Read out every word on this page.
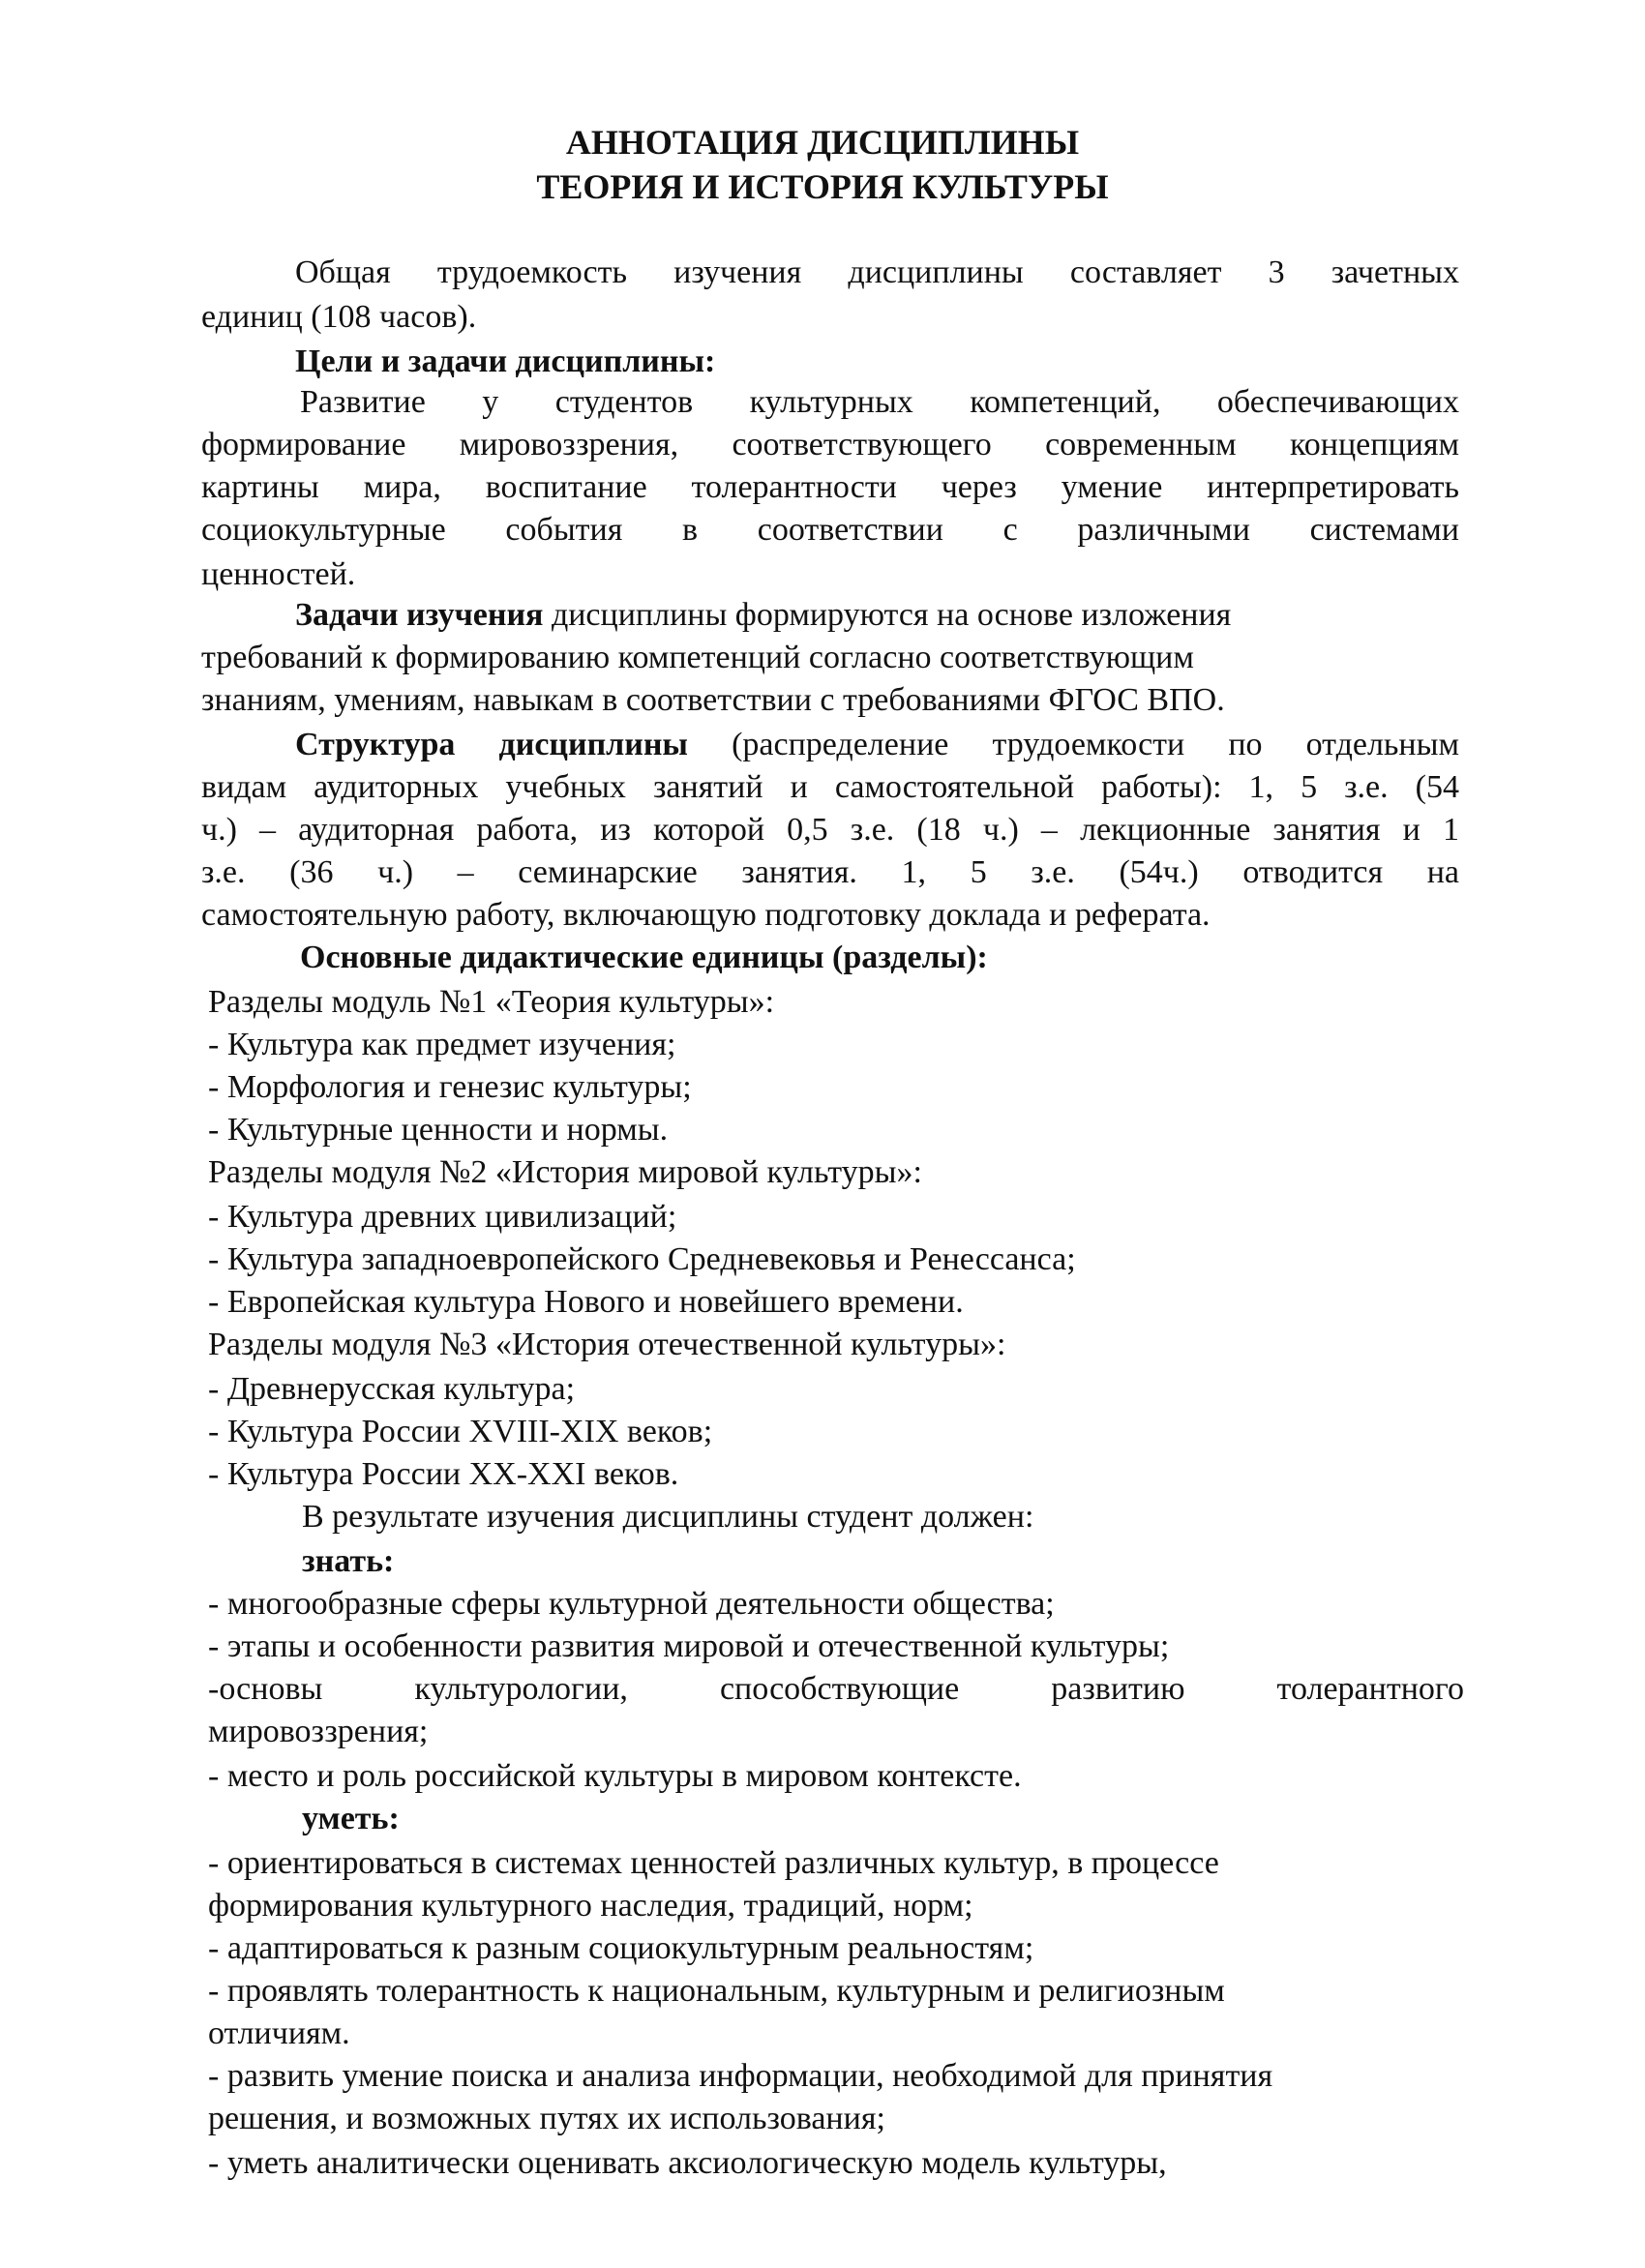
АННОТАЦИЯ ДИСЦИПЛИНЫ
ТЕОРИЯ И ИСТОРИЯ КУЛЬТУРЫ
Общая трудоемкость изучения дисциплины составляет 3 зачетных
единиц (108 часов).
Цели и задачи дисциплины:
Развитие у студентов культурных компетенций, обеспечивающих
формирование мировоззрения, соответствующего современным концепциям
картины мира, воспитание толерантности через умение интерпретировать
социокультурные события в соответствии с различными системами
ценностей.
Задачи изучения дисциплины формируются на основе изложения
требований к формированию компетенций согласно соответствующим
знаниям, умениям, навыкам в соответствии с требованиями ФГОС ВПО.
Структура дисциплины (распределение трудоемкости по отдельным
видам аудиторных учебных занятий и самостоятельной работы): 1, 5 з.е. (54
ч.) – аудиторная работа, из которой 0,5 з.е. (18 ч.) – лекционные занятия и 1
з.е. (36 ч.) – семинарские занятия. 1, 5 з.е. (54ч.) отводится на
самостоятельную работу, включающую подготовку доклада и реферата.
Основные дидактические единицы (разделы):
Разделы модуль №1 «Теория культуры»:
- Культура как предмет изучения;
- Морфология и генезис культуры;
- Культурные ценности и нормы.
Разделы модуля №2 «История мировой культуры»:
- Культура древних цивилизаций;
- Культура западноевропейского Средневековья и Ренессанса;
- Европейская культура Нового и новейшего времени.
Разделы модуля №3 «История отечественной культуры»:
- Древнерусская культура;
- Культура России XVIII-XIX веков;
- Культура России XX-XXI веков.
В результате изучения дисциплины студент должен:
знать:
- многообразные сферы культурной деятельности общества;
- этапы и особенности развития мировой и отечественной культуры;
-основы культурологии, способствующие развитию толерантного
мировоззрения;
- место и роль российской культуры в мировом контексте.
уметь:
- ориентироваться в системах ценностей различных культур, в процессе
формирования культурного наследия, традиций, норм;
- адаптироваться к разным социокультурным реальностям;
- проявлять толерантность к национальным, культурным и религиозным
отличиям.
- развить умение поиска и анализа информации, необходимой для принятия
решения, и возможных путях их использования;
- уметь аналитически оценивать аксиологическую модель культуры,
